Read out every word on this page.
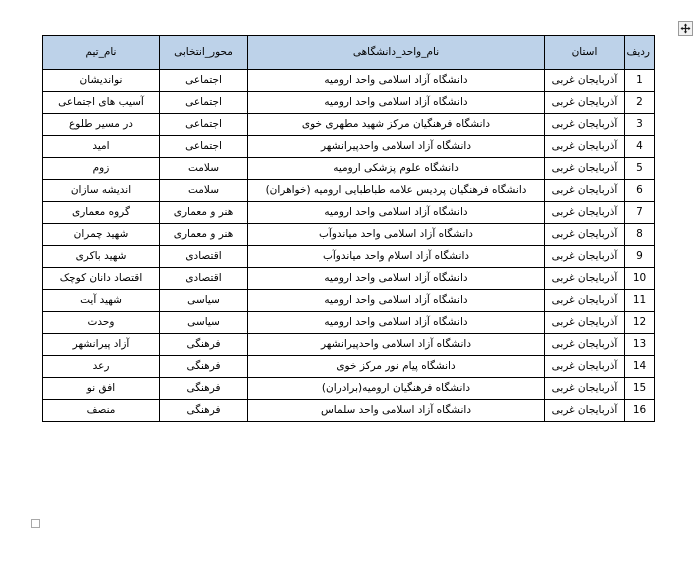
ردیف	استان	نام_واحد_دانشگاهی	محور_انتخابی	نام_تیم
1	آذربایجان غربی	دانشگاه آزاد اسلامی واحد ارومیه	اجتماعی	نواندیشان
2	آذربایجان غربی	دانشگاه آزاد اسلامی واحد ارومیه	اجتماعی	آسیب های اجتماعی
3	آذربایجان غربی	دانشگاه فرهنگیان مرکز شهید مطهری خوی	اجتماعی	در مسیر طلوع
4	آذربایجان غربی	دانشگاه آزاد اسلامی واحدپیرانشهر	اجتماعی	امید
5	آذربایجان غربی	دانشگاه علوم پزشکی ارومیه	سلامت	زوم
6	آذربایجان غربی	دانشگاه فرهنگیان پردیس علامه طباطبایی ارومیه (خواهران)	سلامت	اندیشه سازان
7	آذربایجان غربی	دانشگاه آزاد اسلامی واحد ارومیه	هنر و معماری	گروه معماری
8	آذربایجان غربی	دانشگاه آزاد اسلامی واحد میاندوآب	هنر و معماری	شهید چمران
9	آذربایجان غربی	دانشگاه آزاد اسلام واحد میاندوآب	اقتصادی	شهید باکری
10	آذربایجان غربی	دانشگاه آزاد اسلامی واحد ارومیه	اقتصادی	اقتصاد دانان کوچک
11	آذربایجان غربی	دانشگاه آزاد اسلامی واحد ارومیه	سیاسی	شهید آیت
12	آذربایجان غربی	دانشگاه آزاد اسلامی واحد ارومیه	سیاسی	وحدت
13	آذربایجان غربی	دانشگاه آزاد اسلامی واحدپیرانشهر	فرهنگی	آزاد پیرانشهر
14	آذربایجان غربی	دانشگاه پیام نور مرکز خوی	فرهنگی	رعد
15	آذربایجان غربی	دانشگاه فرهنگیان ارومیه(برادران)	فرهنگی	افق نو
16	آذربایجان غربی	دانشگاه آزاد اسلامی واحد سلماس	فرهنگی	منصف
